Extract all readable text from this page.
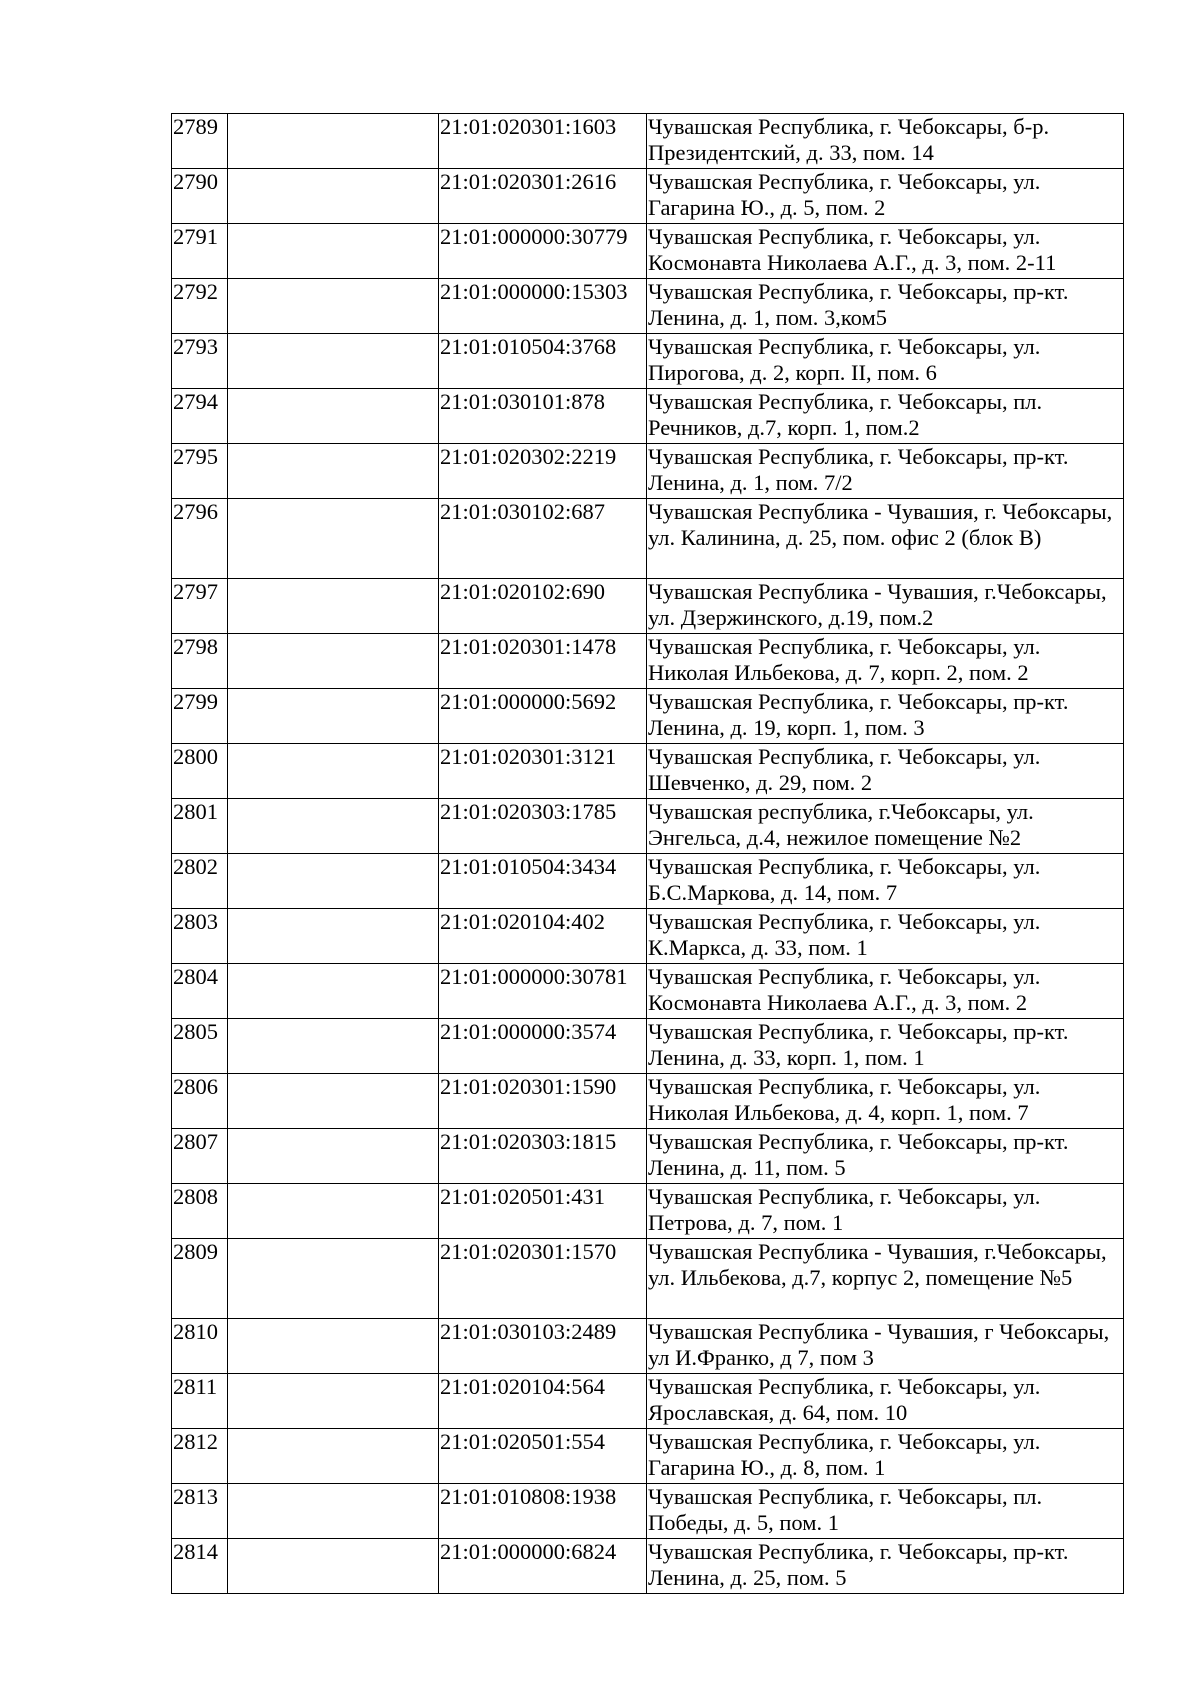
2789		21:01:020301:1603	Чувашская Республика, г. Чебоксары, б-р. Президентский, д. 33, пом. 14
2790		21:01:020301:2616	Чувашская Республика, г. Чебоксары, ул. Гагарина Ю., д. 5, пом. 2
2791		21:01:000000:30779	Чувашская Республика, г. Чебоксары, ул. Космонавта Николаева А.Г., д. 3, пом. 2-11
2792		21:01:000000:15303	Чувашская Республика, г. Чебоксары, пр-кт. Ленина, д. 1, пом. 3,ком5
2793		21:01:010504:3768	Чувашская Республика, г. Чебоксары, ул. Пирогова, д. 2, корп. II, пом. 6
2794		21:01:030101:878	Чувашская Республика, г. Чебоксары, пл. Речников, д.7, корп. 1, пом.2
2795		21:01:020302:2219	Чувашская Республика, г. Чебоксары, пр-кт. Ленина, д. 1, пом. 7/2
2796		21:01:030102:687	Чувашская Республика - Чувашия, г. Чебоксары, ул. Калинина, д. 25, пом. офис 2 (блок В)
2797		21:01:020102:690	Чувашская Республика - Чувашия, г.Чебоксары, ул. Дзержинского, д.19, пом.2
2798		21:01:020301:1478	Чувашская Республика, г. Чебоксары, ул. Николая Ильбекова, д. 7, корп. 2, пом. 2
2799		21:01:000000:5692	Чувашская Республика, г. Чебоксары, пр-кт. Ленина, д. 19, корп. 1, пом. 3
2800		21:01:020301:3121	Чувашская Республика, г. Чебоксары, ул. Шевченко, д. 29, пом. 2
2801		21:01:020303:1785	Чувашская республика, г.Чебоксары, ул. Энгельса, д.4, нежилое помещение №2
2802		21:01:010504:3434	Чувашская Республика, г. Чебоксары, ул. Б.С.Маркова, д. 14, пом. 7
2803		21:01:020104:402	Чувашская Республика, г. Чебоксары, ул. К.Маркса, д. 33, пом. 1
2804		21:01:000000:30781	Чувашская Республика, г. Чебоксары, ул. Космонавта Николаева А.Г., д. 3, пом. 2
2805		21:01:000000:3574	Чувашская Республика, г. Чебоксары, пр-кт. Ленина, д. 33, корп. 1, пом. 1
2806		21:01:020301:1590	Чувашская Республика, г. Чебоксары, ул. Николая Ильбекова, д. 4, корп. 1, пом. 7
2807		21:01:020303:1815	Чувашская Республика, г. Чебоксары, пр-кт. Ленина, д. 11, пом. 5
2808		21:01:020501:431	Чувашская Республика, г. Чебоксары, ул. Петрова, д. 7, пом. 1
2809		21:01:020301:1570	Чувашская Республика - Чувашия, г.Чебоксары, ул. Ильбекова, д.7, корпус 2, помещение №5
2810		21:01:030103:2489	Чувашская Республика - Чувашия, г Чебоксары, ул И.Франко, д 7, пом 3
2811		21:01:020104:564	Чувашская Республика, г. Чебоксары, ул. Ярославская, д. 64, пом. 10
2812		21:01:020501:554	Чувашская Республика, г. Чебоксары, ул. Гагарина Ю., д. 8, пом. 1
2813		21:01:010808:1938	Чувашская Республика, г. Чебоксары, пл. Победы, д. 5, пом. 1
2814		21:01:000000:6824	Чувашская Республика, г. Чебоксары, пр-кт. Ленина, д. 25, пом. 5
